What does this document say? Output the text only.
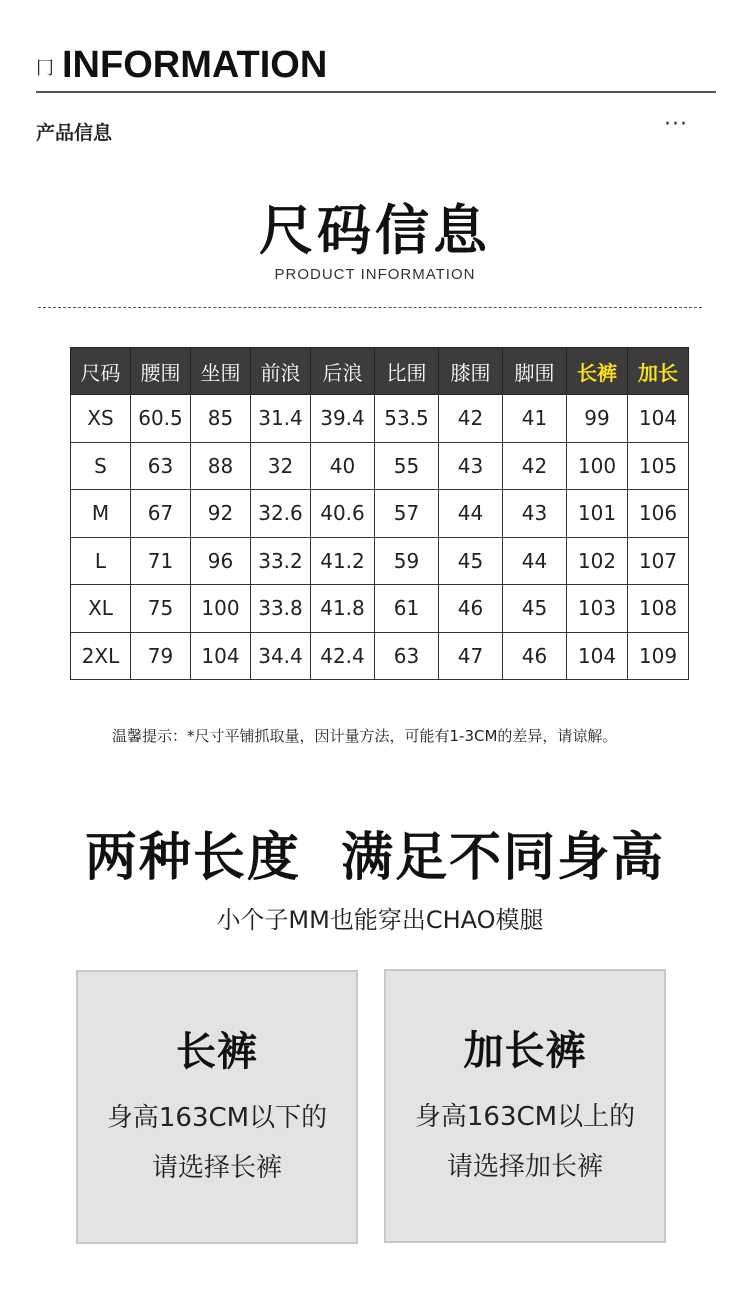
冂 INFORMATION
产品信息	···
尺码信息
PRODUCT INFORMATION
尺码	腰围	坐围	前浪	后浪	比围	膝围	脚围	长裤	加长
XS	60.5	85	31.4	39.4	53.5	42	41	99	104
S	63	88	32	40	55	43	42	100	105
M	67	92	32.6	40.6	57	44	43	101	106
L	71	96	33.2	41.2	59	45	44	102	107
XL	75	100	33.8	41.8	61	46	45	103	108
2XL	79	104	34.4	42.4	63	47	46	104	109
温馨提示：*尺寸平铺抓取量，因计量方法，可能有1-3CM的差异，请谅解。
两种长度  满足不同身高
小个子MM也能穿出CHAO模腿
长裤
身高163CM以下的
请选择长裤
加长裤
身高163CM以上的
请选择加长裤
